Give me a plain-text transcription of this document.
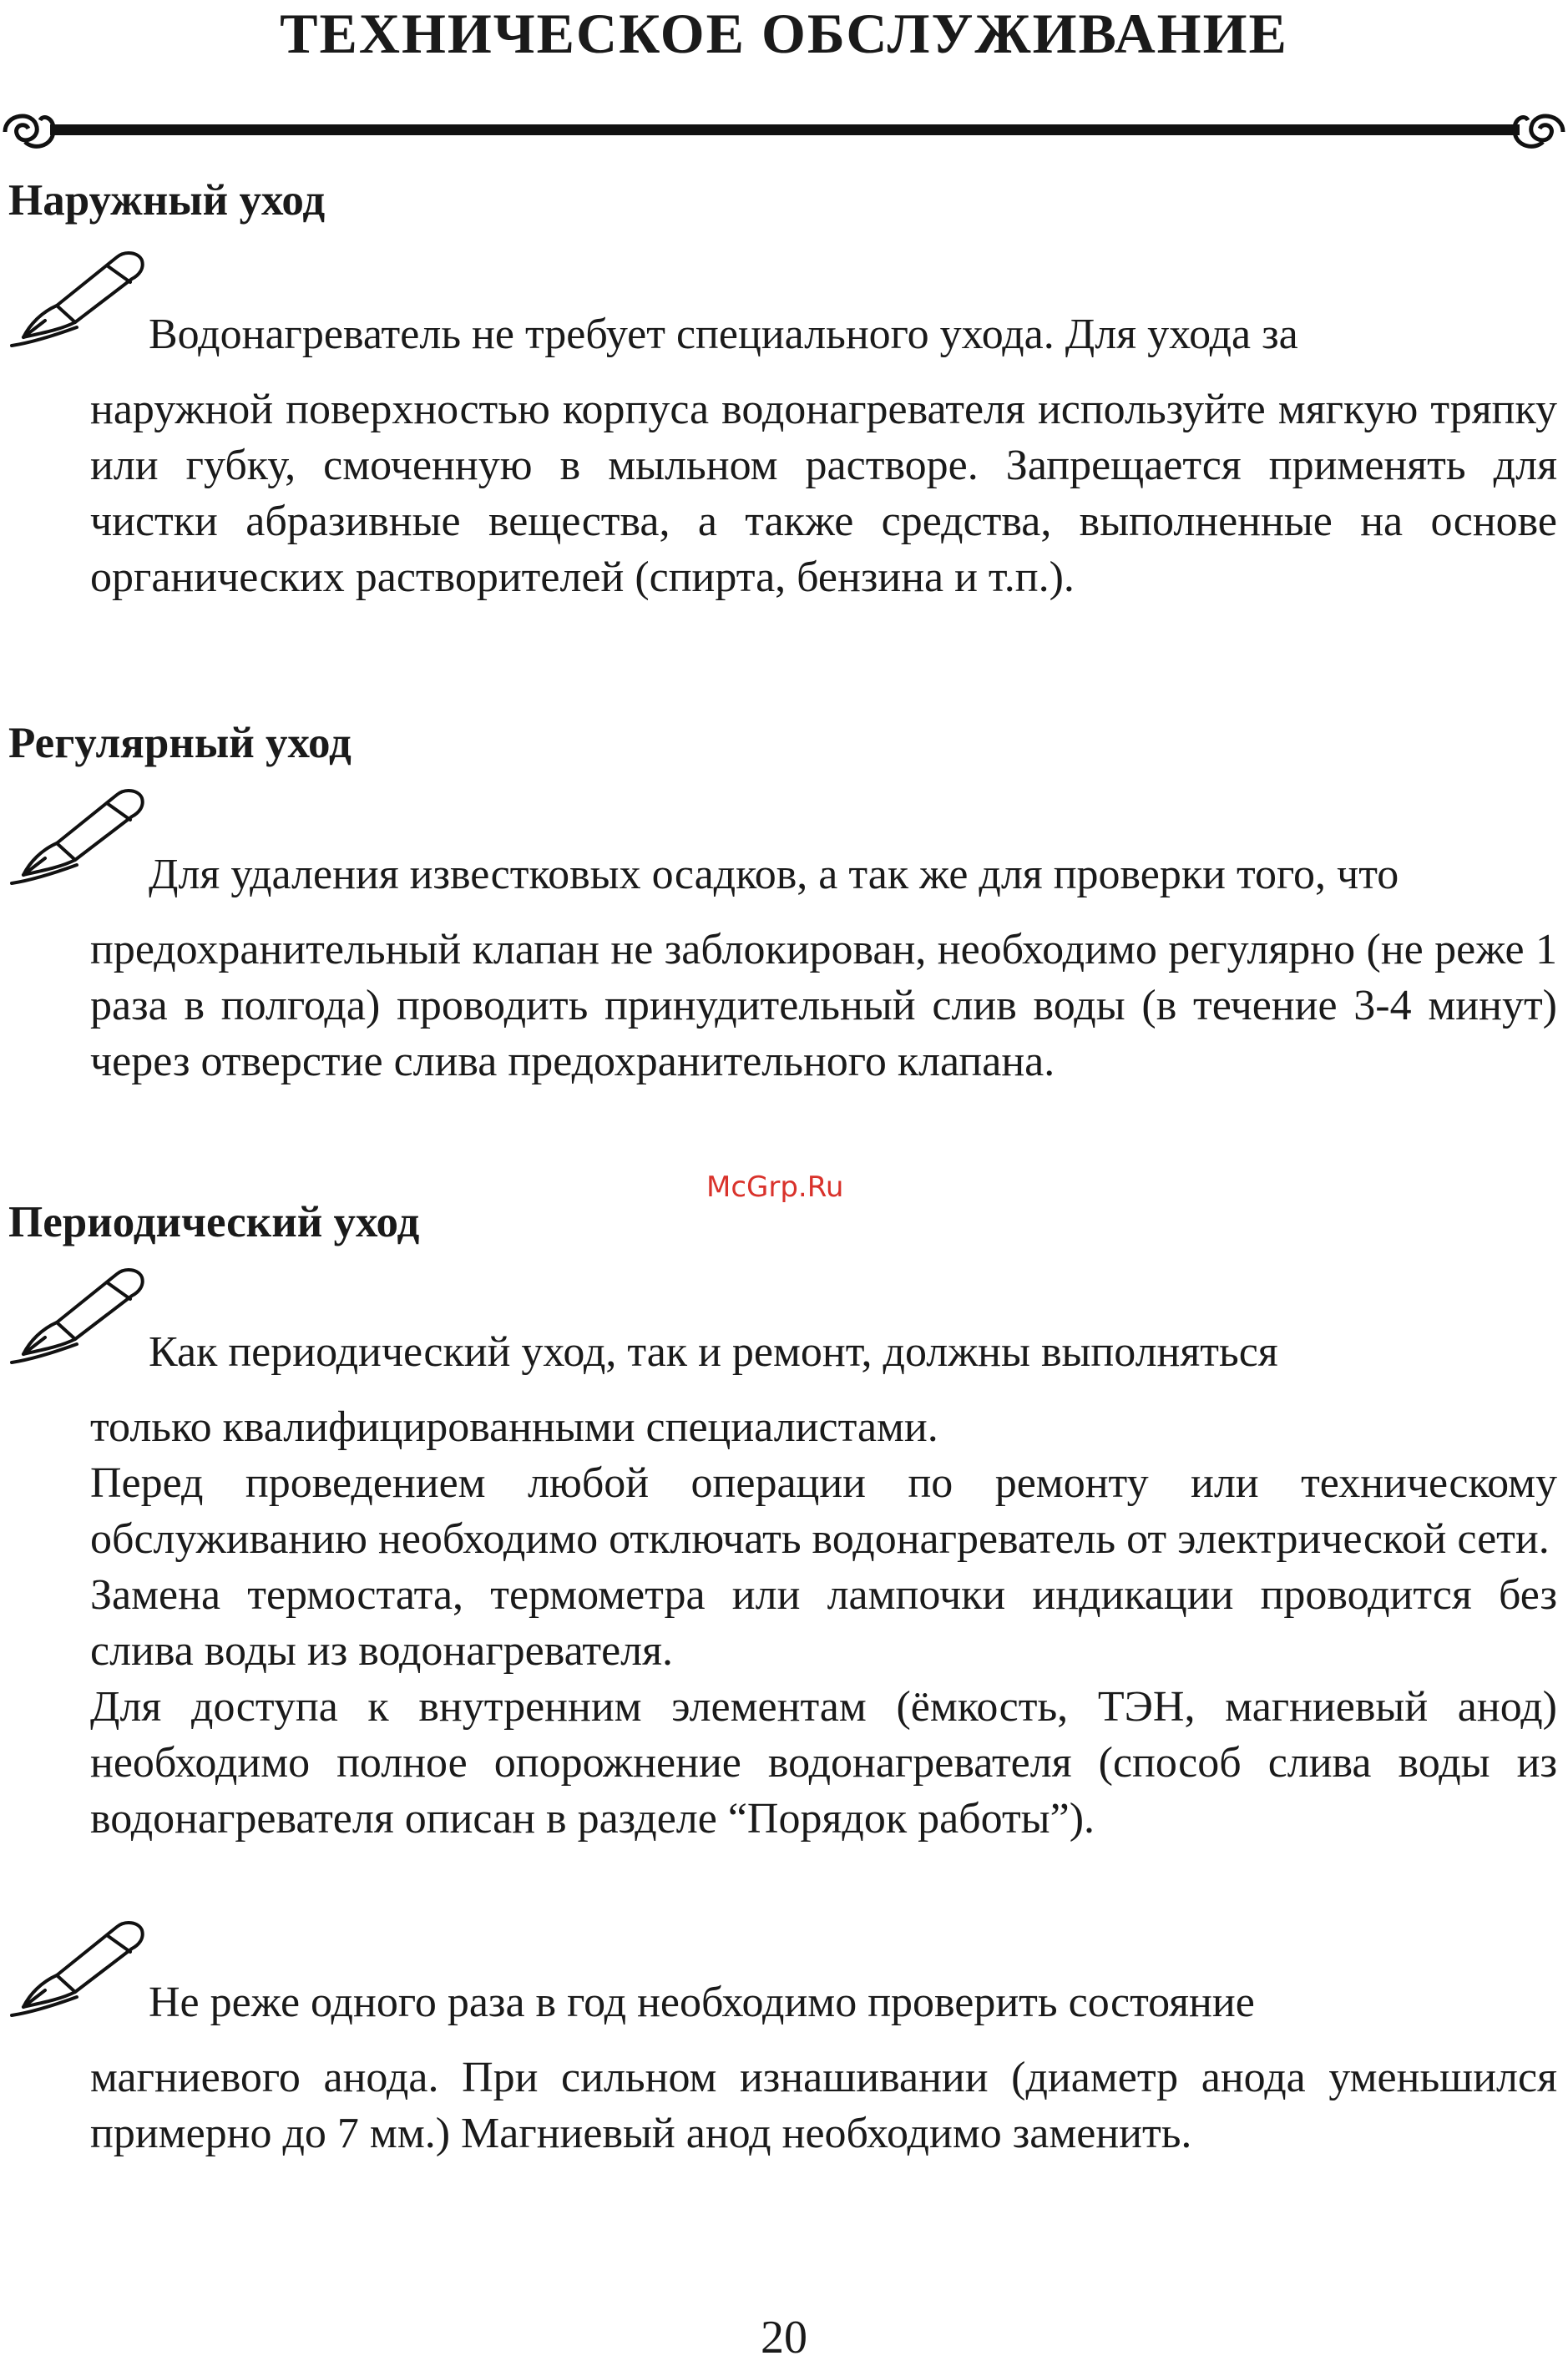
ТЕХНИЧЕСКОЕ ОБСЛУЖИВАНИЕ
Наружный уход

Водонагреватель не требует специального ухода. Для ухода за

наружной поверхностью корпуса водонагревателя используйте мягкую тряпку или губку, смоченную в мыльном растворе. Запрещается применять для чистки абразивные вещества, а также средства, выполненные на основе органических растворителей (спирта, бензина и т.п.).

Регулярный уход

Для удаления известковых осадков, а так же для проверки того, что

предохранительный клапан не заблокирован, необходимо регулярно (не реже 1 раза в полгода) проводить принудительный слив воды (в течение 3-4 минут) через отверстие слива предохранительного клапана.

McGrp.Ru
Периодический уход

Как периодический уход, так и ремонт, должны выполняться

только квалифицированными специалистами.

Перед проведением любой операции по ремонту или техническому обслуживанию необходимо отключать водонагреватель от электрической сети.

Замена термостата, термометра или лампочки индикации проводится без слива воды из водонагревателя.

Для доступа к внутренним элементам (ёмкость, ТЭН, магниевый анод) необходимо полное опорожнение водонагревателя (способ слива воды из водонагревателя описан в разделе “Порядок работы”).

Не реже одного раза в год необходимо проверить состояние

магниевого анода. При сильном изнашивании (диаметр анода уменьшился примерно до 7 мм.) Магниевый анод необходимо заменить.

20
